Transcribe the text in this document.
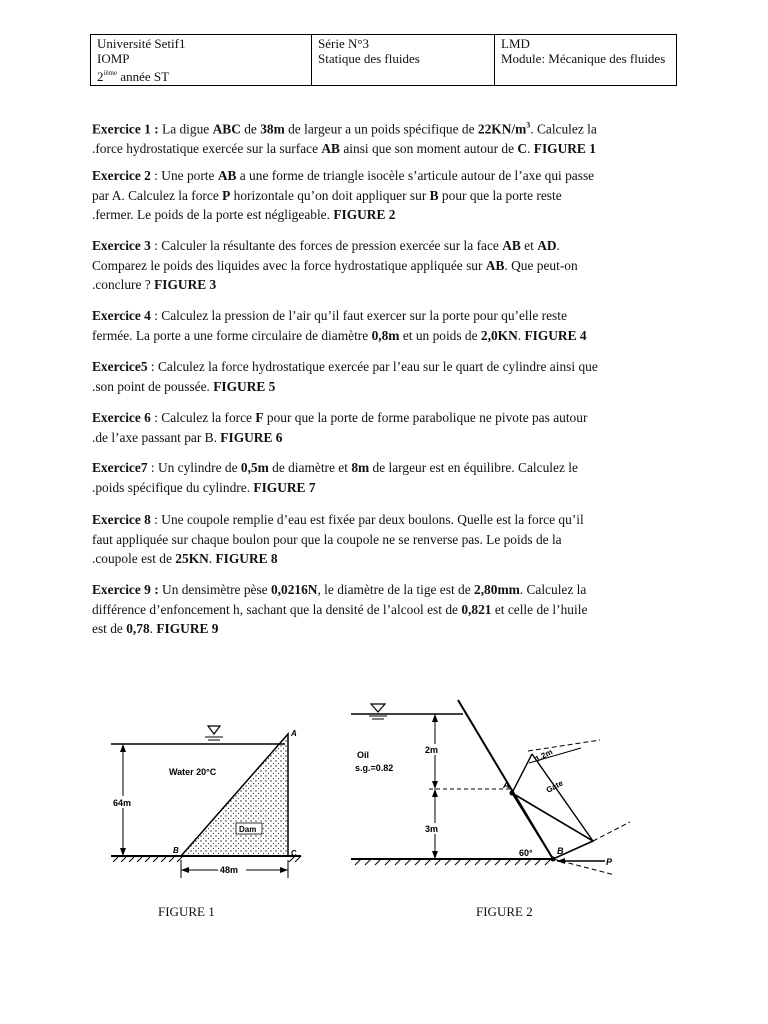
Université Setif1
IOMP
2ième année ST
Série N°3
Statique des fluides
LMD
Module: Mécanique des fluides
Exercice 1 : La digue ABC de 38m de largeur a un poids spécifique de $22KN/m^3$. Calculez la
.force hydrostatique exercée sur la surface AB ainsi que son moment autour de C. FIGURE 1
Exercice 2 : Une porte AB a une forme de triangle isocèle s’articule autour de l’axe qui passe
par A. Calculez la force P horizontale qu’on doit appliquer sur B pour que la porte reste
.fermer. Le poids de la porte est négligeable. FIGURE 2
Exercice 3 : Calculer la résultante des forces de pression exercée sur la face AB et AD.
Comparez le poids des liquides avec la force hydrostatique appliquée sur AB. Que peut-on
.conclure ? FIGURE 3
Exercice 4 : Calculez la pression de l’air qu’il faut exercer sur la porte pour qu’elle reste
fermée. La porte a une forme circulaire de diamètre 0,8m et un poids de 2,0KN. FIGURE 4
Exercice5 : Calculez la force hydrostatique exercée par l’eau sur le quart de cylindre ainsi que
.son point de poussée. FIGURE 5
Exercice 6 : Calculez la force F pour que la porte de forme parabolique ne pivote pas autour
.de l’axe passant par B. FIGURE 6
Exercice7 : Un cylindre de 0,5m de diamètre et 8m de largeur est en équilibre. Calculez le
.poids spécifique du cylindre. FIGURE 7
Exercice 8 : Une coupole remplie d’eau est fixée par deux boulons. Quelle est la force qu’il
faut appliquée sur chaque boulon pour que la coupole ne se renverse pas. Le poids de la
.coupole est de 25KN. FIGURE 8
Exercice 9 : Un densimètre pèse 0,0216N, le diamètre de la tige est de 2,80mm. Calculez la
différence d’enfoncement h, sachant que la densité de l’alcool est de 0,821 et celle de l’huile
est de 0,78. FIGURE 9
64m
48m
Water 20°C
Dam
A
B	C
FIGURE 1
2m
3m
Oil
s.g.=0.82
1.2m
Gate
A
B
60°
P
FIGURE 2
